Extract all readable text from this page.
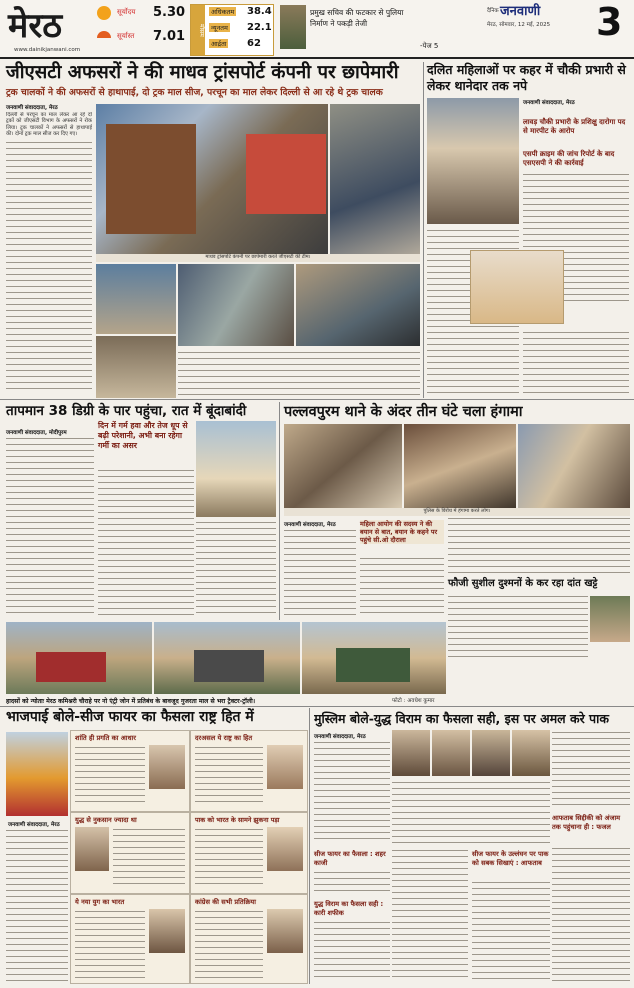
मेरठ
www.dainikjanwani.com
सूर्योदय 5.30
सूर्यास्त 7.01	मौसम
अधिकतम 38.4
न्यूनतम 22.1
आर्द्रता 62
प्रमुख सचिव की फटकार से पुलिया
निर्माण ने पकड़ी तेजी
-पेज 5
दैनिक जनवाणी
मेरठ, सोमवार, 12 मई, 2025 3
जीएसटी अफसरों ने की माधव ट्रांसपोर्ट कंपनी पर छापेमारी
ट्रक चालकों ने की अफसरों से हाथापाई, दो ट्रक माल सीज, परचून का माल लेकर दिल्ली से आ रहे थे ट्रक चालक
जनवाणी संवाददाता, मेरठ
दिल्ली से परचून का माल लेकर आ रहे दो ट्रकों को जीएसटी विभाग के अफसरों ने रोक लिया। ट्रक चालकों ने अफसरों से हाथापाई की। दोनों ट्रक माल सीज कर दिए गए।
माधव ट्रांसपोर्ट कंपनी पर छापेमारी करते जीएसटी की टीम।
दलित महिलाओं पर कहर में चौकी प्रभारी से लेकर थानेदार तक नपे
जनवाणी संवाददाता, मेरठ
लावड़ चौकी प्रभारी के प्रशिक्षु दारोगा पद से मारपीट के आरोप
एसपी क्राइम की जांच रिपोर्ट के बाद एसएसपी ने की कार्रवाई
तापमान 38 डिग्री के पार पहुंचा, रात में बूंदाबांदी
जनवाणी संवाददाता, मोदीपुरम
दिन में गर्म हवा और तेज धूप से बढ़ी परेशानी, अभी बना रहेगा गर्मी का असर
पल्लवपुरम थाने के अंदर तीन घंटे चला हंगामा
पुलिस के विरोध में हंगामा करते लोग।
जनवाणी संवाददाता, मेरठ	महिला आयोग की सदस्य ने की बयान से बात, बयान के कहने पर पहुंचे सी.ओ दौराला
फौजी सुशील दुश्मनों के कर रहा दांत खट्टे
हादसों को न्योताः मेरठ कमिश्नरी चौराहे पर नो एंट्री जोन में प्रतिबंध के बावजूद गुजरता माल से भरा ट्रैक्टर-ट्रॉली।	फोटो : अवधेश कुमार
भाजपाई बोले-सीज फायर का फैसला राष्ट्र हित में
जनवाणी संवाददाता, मेरठ
शांति ही प्रगति का आधार	दरअसल ये राष्ट्र का हित
युद्ध से नुकसान ज्यादा था	पाक को भारत के सामने झुकना पड़ा
ये नया युग का भारत	कांग्रेस की सभी प्रतिक्रिया
मुस्लिम बोले-युद्ध विराम का फैसला सही, इस पर अमल करे पाक
जनवाणी संवाददाता, मेरठ
आफताब सिद्दीकी को अंजाम तक पहुंचाना ही : फजल
सीज फायर का फैसला : शहर काजी
युद्ध विराम का फैसला सही : कारी शफीक
सीज फायर के उल्लंघन पर पाक को सबक सिखाएं : आफताब
